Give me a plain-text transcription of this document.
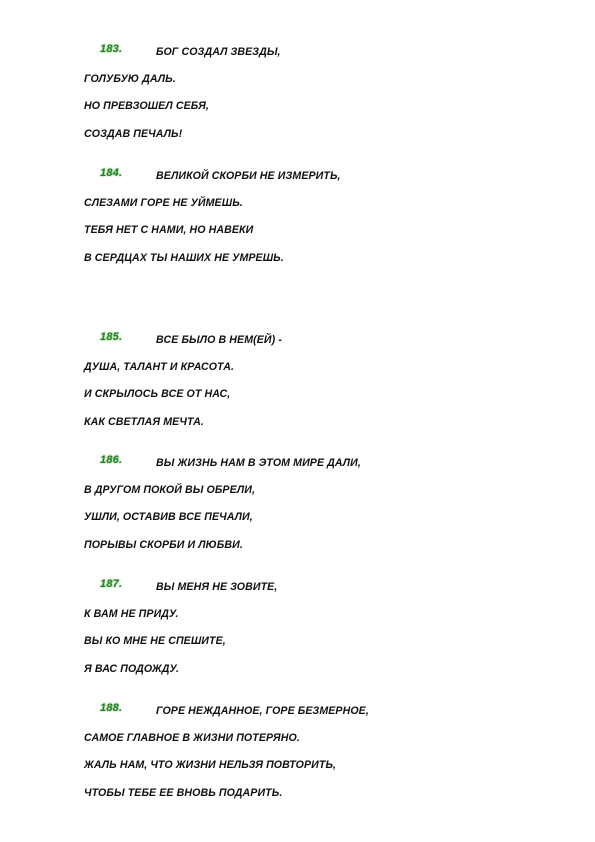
183.	БОГ СОЗДАЛ ЗВЕЗДЫ,
ГОЛУБУЮ ДАЛЬ.
НО ПРЕВЗОШЕЛ СЕБЯ,
СОЗДАВ ПЕЧАЛЬ!
184.	ВЕЛИКОЙ СКОРБИ НЕ ИЗМЕРИТЬ,
СЛЕЗАМИ ГОРЕ НЕ УЙМЕШЬ.
ТЕБЯ НЕТ С НАМИ, НО НАВЕКИ
В СЕРДЦАХ ТЫ НАШИХ НЕ УМРЕШЬ.
185.	ВСЕ БЫЛО В НЕМ(ЕЙ) -
ДУША, ТАЛАНТ И КРАСОТА.
И СКРЫЛОСЬ ВСЕ ОТ НАС,
КАК СВЕТЛАЯ МЕЧТА.
186.	ВЫ ЖИЗНЬ НАМ В ЭТОМ МИРЕ ДАЛИ,
В ДРУГОМ ПОКОЙ ВЫ ОБРЕЛИ,
УШЛИ, ОСТАВИВ ВСЕ ПЕЧАЛИ,
ПОРЫВЫ СКОРБИ И ЛЮБВИ.
187.	ВЫ МЕНЯ НЕ ЗОВИТЕ,
К ВАМ НЕ ПРИДУ.
ВЫ КО МНЕ НЕ СПЕШИТЕ,
Я ВАС ПОДОЖДУ.
188.	ГОРЕ НЕЖДАННОЕ, ГОРЕ БЕЗМЕРНОЕ,
САМОЕ ГЛАВНОЕ В ЖИЗНИ ПОТЕРЯНО.
ЖАЛЬ НАМ, ЧТО ЖИЗНИ НЕЛЬЗЯ ПОВТОРИТЬ,
ЧТОБЫ ТЕБЕ ЕЕ ВНОВЬ ПОДАРИТЬ.
